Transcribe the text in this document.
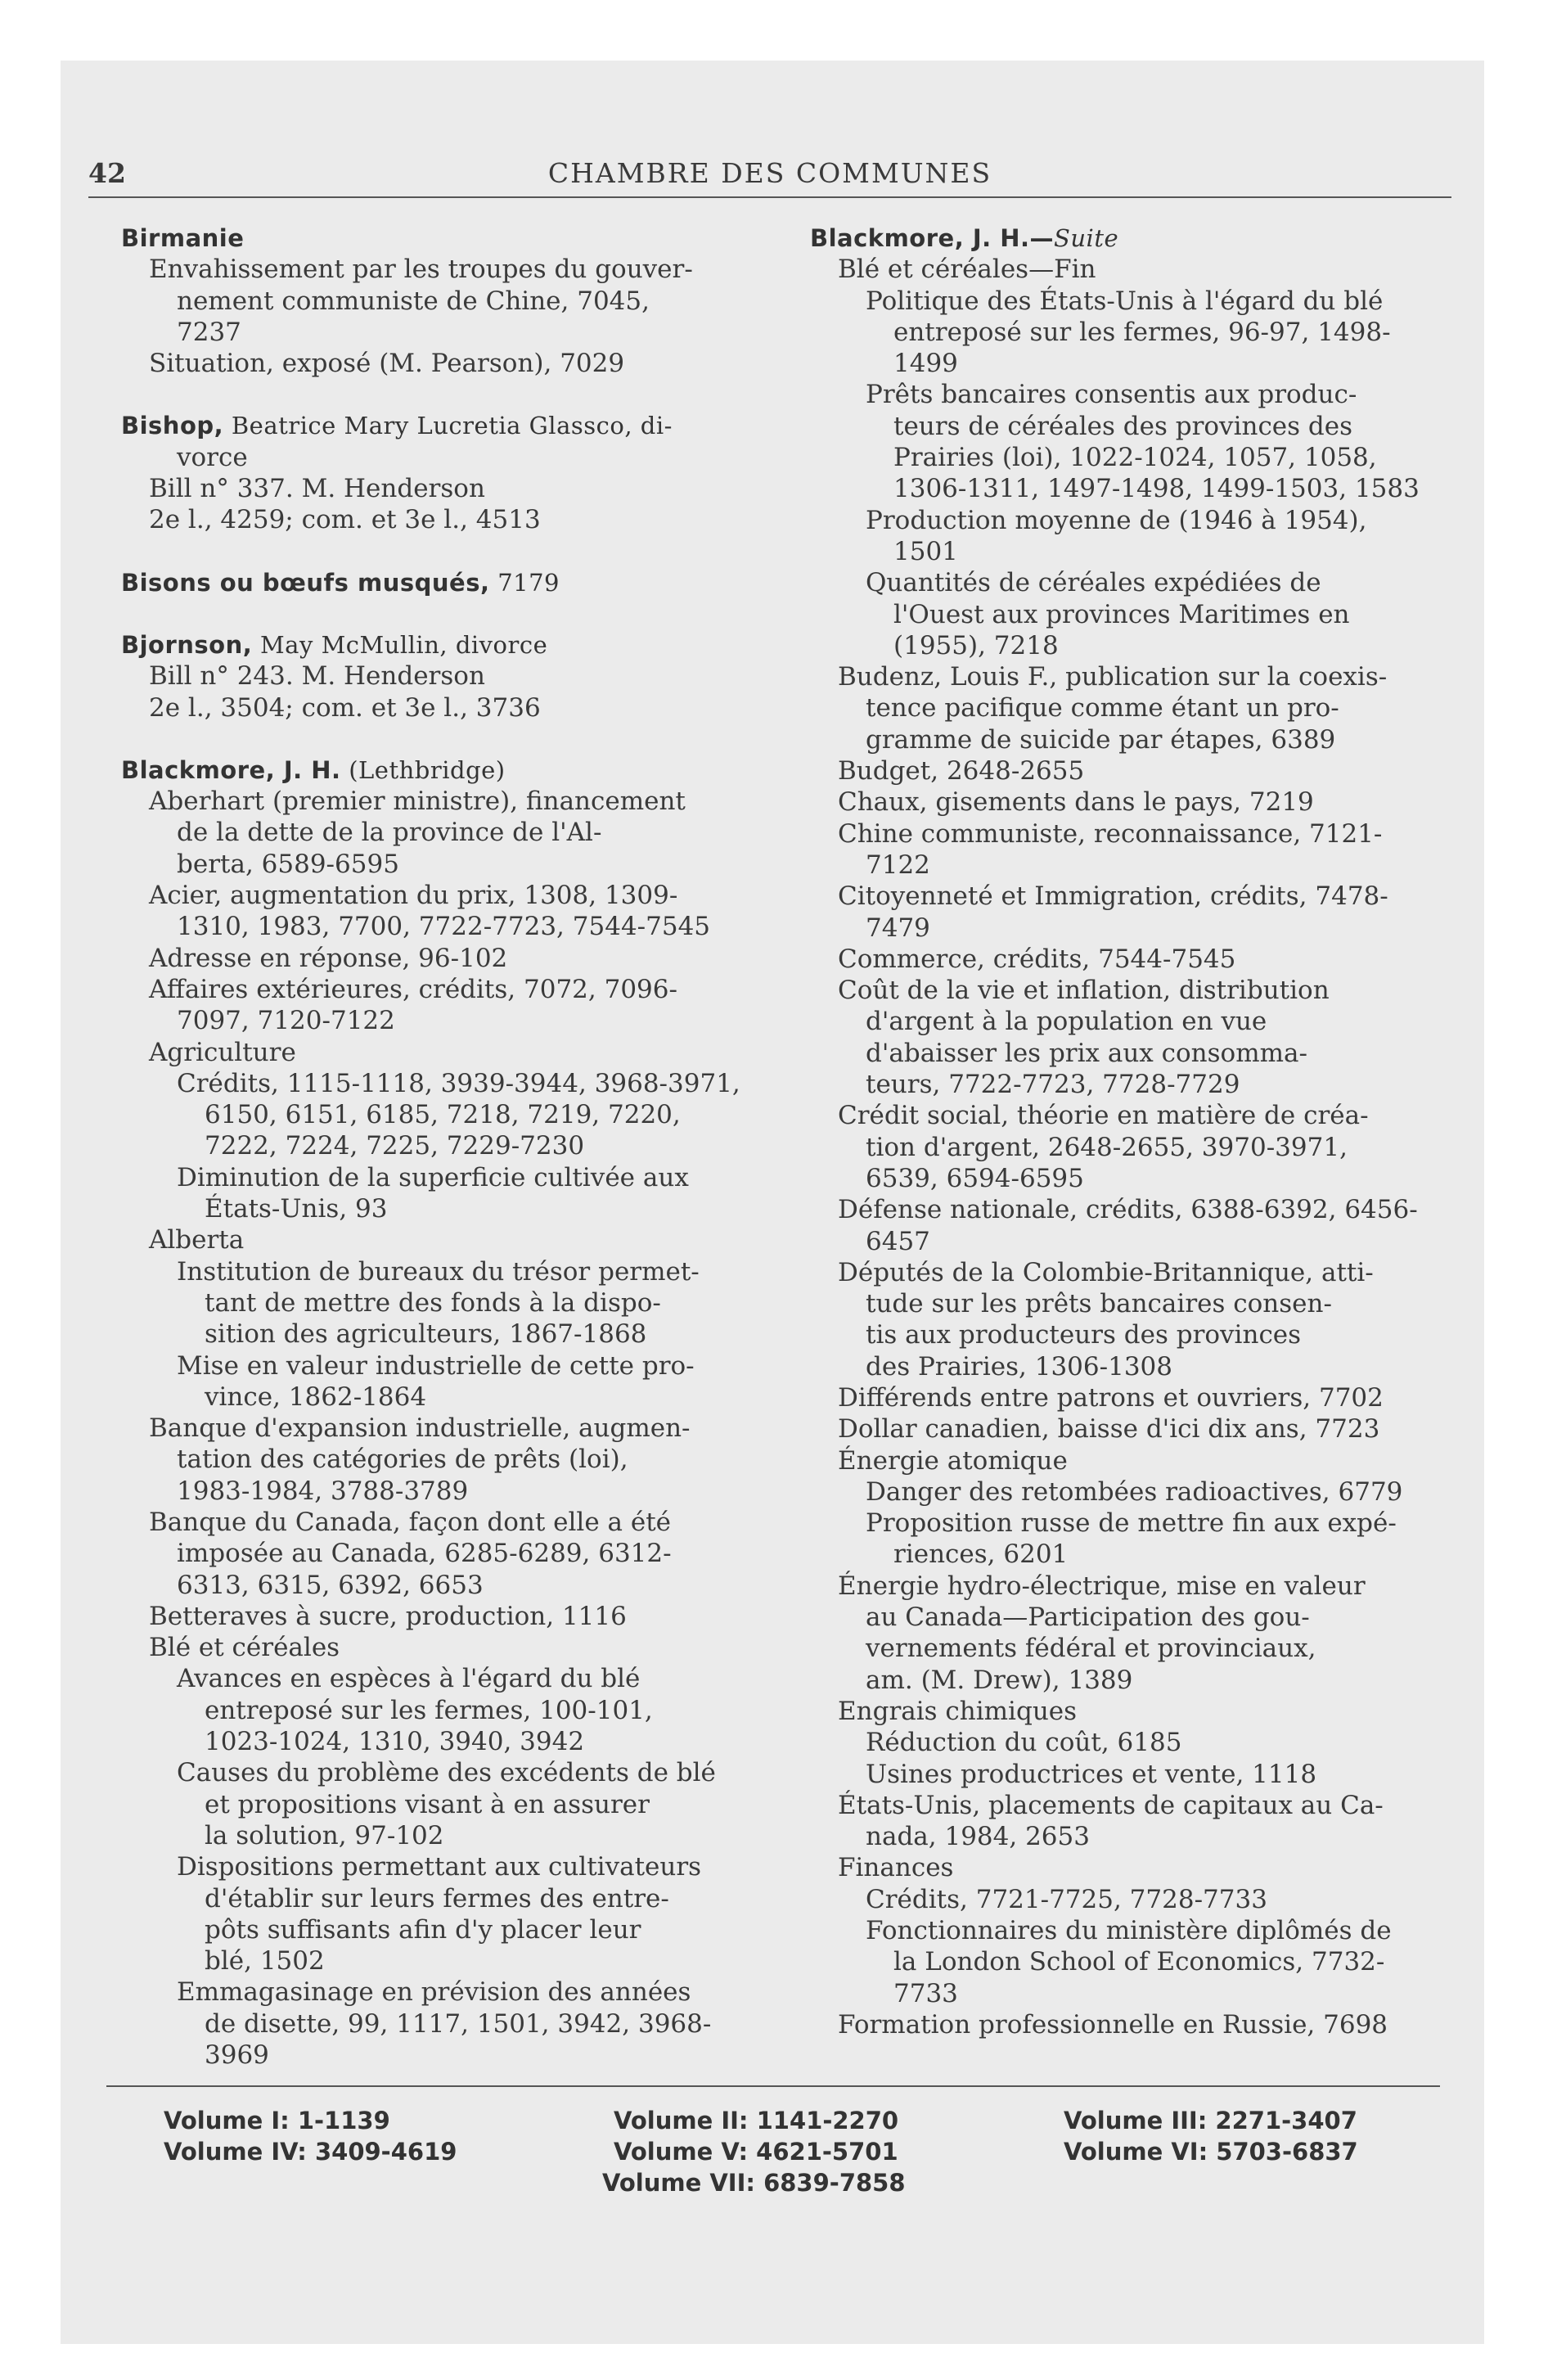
42	CHAMBRE DES COMMUNES
Birmanie
Envahissement par les troupes du gouver-
nement communiste de Chine, 7045,
7237
Situation, exposé (M. Pearson), 7029
Bishop, Beatrice Mary Lucretia Glassco, di-
vorce
Bill n° 337. M. Henderson
2e l., 4259; com. et 3e l., 4513
Bisons ou bœufs musqués, 7179
Bjornson, May McMullin, divorce
Bill n° 243. M. Henderson
2e l., 3504; com. et 3e l., 3736
Blackmore, J. H. (Lethbridge)
Aberhart (premier ministre), financement
de la dette de la province de l'Al-
berta, 6589-6595
Acier, augmentation du prix, 1308, 1309-
1310, 1983, 7700, 7722-7723, 7544-7545
Adresse en réponse, 96-102
Affaires extérieures, crédits, 7072, 7096-
7097, 7120-7122
Agriculture
Crédits, 1115-1118, 3939-3944, 3968-3971,
6150, 6151, 6185, 7218, 7219, 7220,
7222, 7224, 7225, 7229-7230
Diminution de la superficie cultivée aux
États-Unis, 93
Alberta
Institution de bureaux du trésor permet-
tant de mettre des fonds à la dispo-
sition des agriculteurs, 1867-1868
Mise en valeur industrielle de cette pro-
vince, 1862-1864
Banque d'expansion industrielle, augmen-
tation des catégories de prêts (loi),
1983-1984, 3788-3789
Banque du Canada, façon dont elle a été
imposée au Canada, 6285-6289, 6312-
6313, 6315, 6392, 6653
Betteraves à sucre, production, 1116
Blé et céréales
Avances en espèces à l'égard du blé
entreposé sur les fermes, 100-101,
1023-1024, 1310, 3940, 3942
Causes du problème des excédents de blé
et propositions visant à en assurer
la solution, 97-102
Dispositions permettant aux cultivateurs
d'établir sur leurs fermes des entre-
pôts suffisants afin d'y placer leur
blé, 1502
Emmagasinage en prévision des années
de disette, 99, 1117, 1501, 3942, 3968-
3969
Blackmore, J. H.—Suite
Blé et céréales—Fin
Politique des États-Unis à l'égard du blé
entreposé sur les fermes, 96-97, 1498-
1499
Prêts bancaires consentis aux produc-
teurs de céréales des provinces des
Prairies (loi), 1022-1024, 1057, 1058,
1306-1311, 1497-1498, 1499-1503, 1583
Production moyenne de (1946 à 1954),
1501
Quantités de céréales expédiées de
l'Ouest aux provinces Maritimes en
(1955), 7218
Budenz, Louis F., publication sur la coexis-
tence pacifique comme étant un pro-
gramme de suicide par étapes, 6389
Budget, 2648-2655
Chaux, gisements dans le pays, 7219
Chine communiste, reconnaissance, 7121-
7122
Citoyenneté et Immigration, crédits, 7478-
7479
Commerce, crédits, 7544-7545
Coût de la vie et inflation, distribution
d'argent à la population en vue
d'abaisser les prix aux consomma-
teurs, 7722-7723, 7728-7729
Crédit social, théorie en matière de créa-
tion d'argent, 2648-2655, 3970-3971,
6539, 6594-6595
Défense nationale, crédits, 6388-6392, 6456-
6457
Députés de la Colombie-Britannique, atti-
tude sur les prêts bancaires consen-
tis aux producteurs des provinces
des Prairies, 1306-1308
Différends entre patrons et ouvriers, 7702
Dollar canadien, baisse d'ici dix ans, 7723
Énergie atomique
Danger des retombées radioactives, 6779
Proposition russe de mettre fin aux expé-
riences, 6201
Énergie hydro-électrique, mise en valeur
au Canada—Participation des gou-
vernements fédéral et provinciaux,
am. (M. Drew), 1389
Engrais chimiques
Réduction du coût, 6185
Usines productrices et vente, 1118
États-Unis, placements de capitaux au Ca-
nada, 1984, 2653
Finances
Crédits, 7721-7725, 7728-7733
Fonctionnaires du ministère diplômés de
la London School of Economics, 7732-
7733
Formation professionnelle en Russie, 7698
Volume I: 1-1139
Volume IV: 3409-4619
Volume II: 1141-2270
Volume V: 4621-5701
Volume VII: 6839-7858
Volume III: 2271-3407
Volume VI: 5703-6837
